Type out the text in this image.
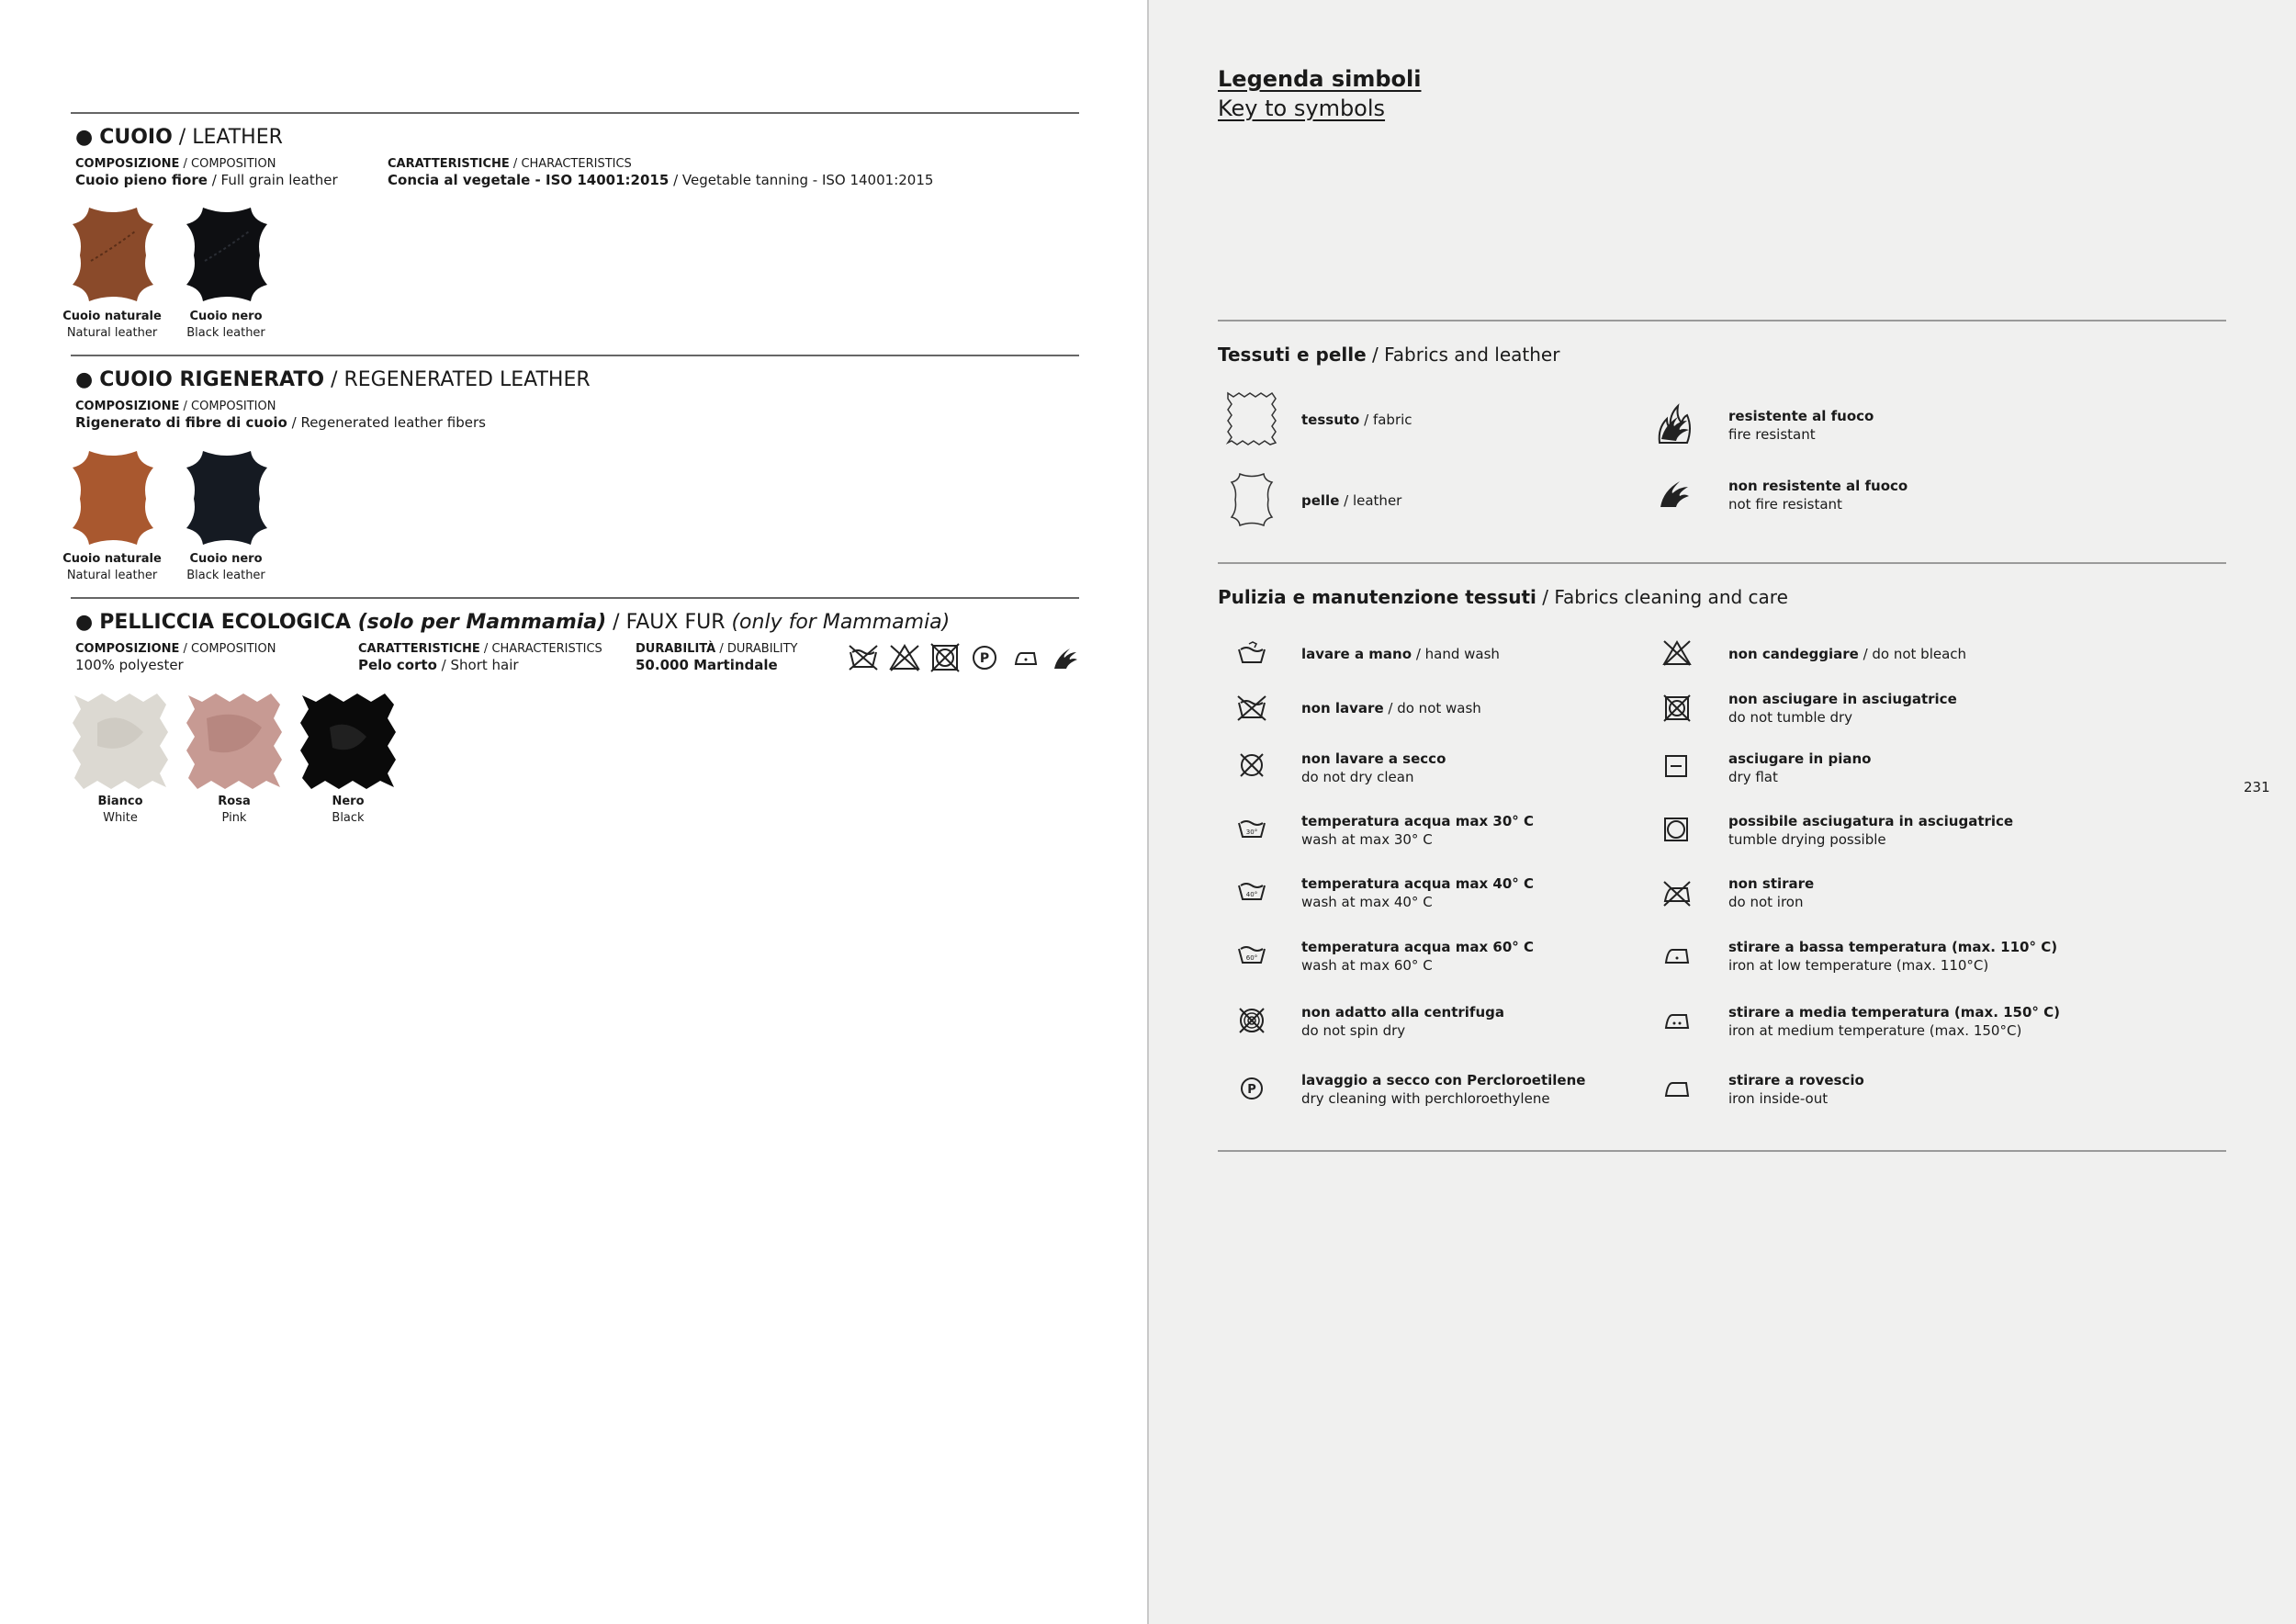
● CUOIO / LEATHER
COMPOSIZIONE / COMPOSITION
Cuoio pieno fiore / Full grain leather
CARATTERISTICHE / CHARACTERISTICS
Concia al vegetale - ISO 14001:2015 / Vegetable tanning - ISO 14001:2015
Cuoio naturale
Natural leather
Cuoio nero
Black leather
● CUOIO RIGENERATO / REGENERATED LEATHER
COMPOSIZIONE / COMPOSITION
Rigenerato di fibre di cuoio / Regenerated leather fibers
Cuoio naturale
Natural leather
Cuoio nero
Black leather
● PELLICCIA ECOLOGICA (solo per Mammamia) / FAUX FUR (only for Mammamia)
COMPOSIZIONE / COMPOSITION
100% polyester
CARATTERISTICHE / CHARACTERISTICS
Pelo corto / Short hair
DURABILITÀ / DURABILITY
50.000 Martindale	P
Bianco
White
Rosa
Pink
Nero
Black
Legenda simboli
Key to symbols
Tessuti e pelle / Fabrics and leather
tessuto / fabric	resistente al fuoco
fire resistant
pelle / leather
non resistente al fuoco
not fire resistant
Pulizia e manutenzione tessuti / Fabrics cleaning and care
lavare a mano / hand wash
non lavare / do not wash
non lavare a secco
do not dry clean
30°
temperatura acqua max 30° C
wash at max 30° C
40°
temperatura acqua max 40° C
wash at max 40° C
60°
temperatura acqua max 60° C
wash at max 60° C
non adatto alla centrifuga
do not spin dry
P
lavaggio a secco con Percloroetilene
dry cleaning with perchloroethylene
non candeggiare / do not bleach
non asciugare in asciugatrice
do not tumble dry
asciugare in piano
dry flat
possibile asciugatura in asciugatrice
tumble drying possible
non stirare
do not iron
stirare a bassa temperatura (max. 110° C)
iron at low temperature (max. 110°C)
stirare a media temperatura (max. 150° C)
iron at medium temperature (max. 150°C)
stirare a rovescio
iron inside-out
231
